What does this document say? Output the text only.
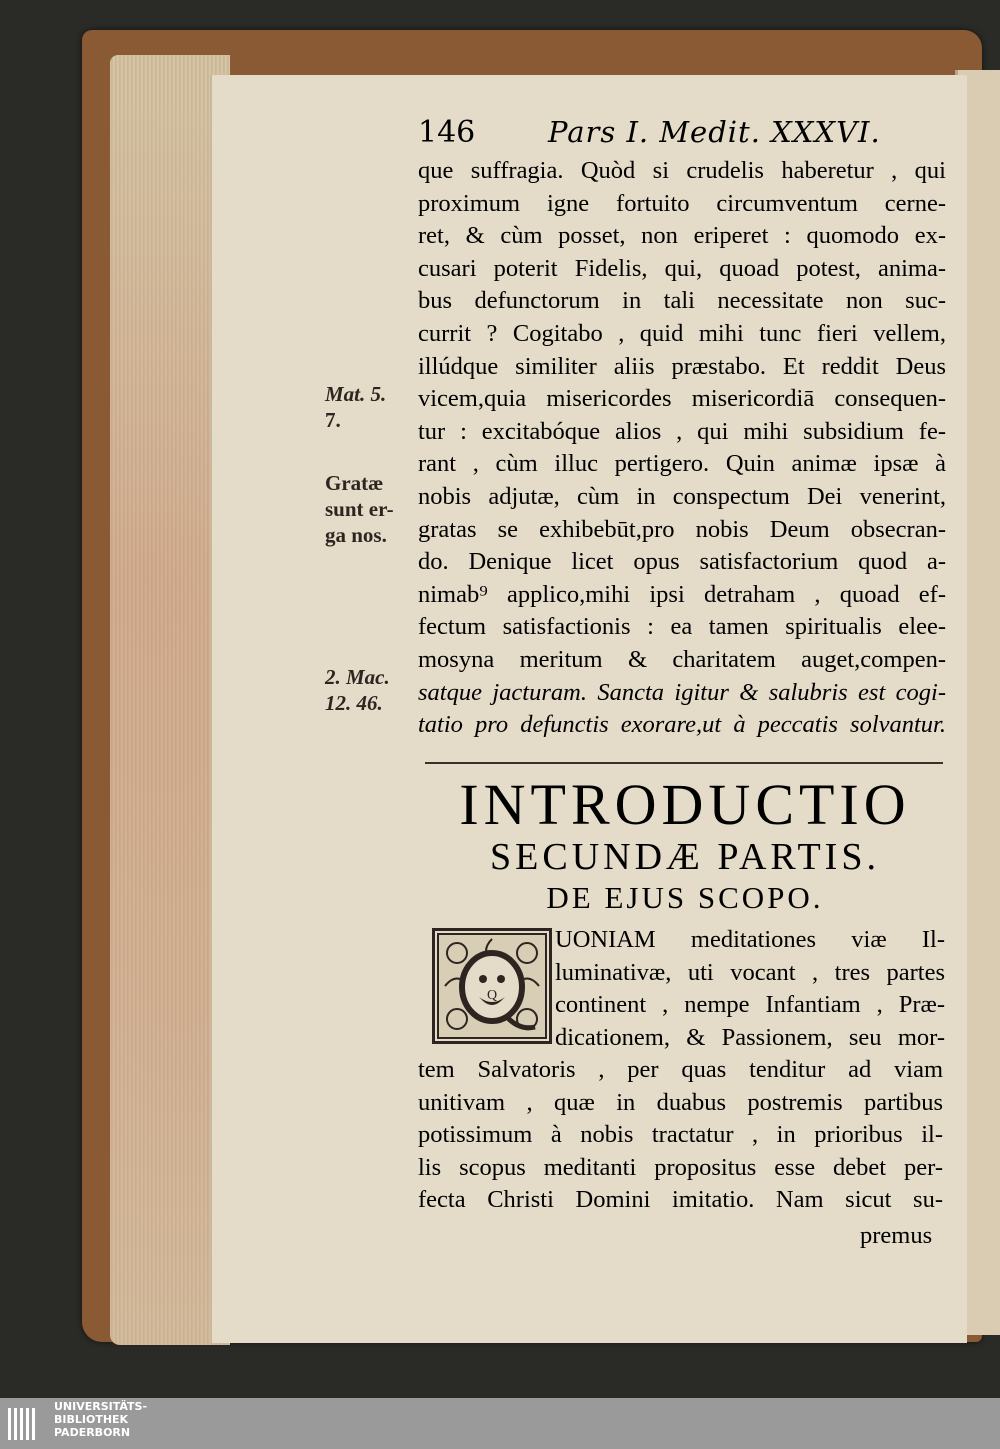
146	Pars I. Medit. XXXVI.
que suffragia. Quòd si crudelis haberetur , qui
proximum igne fortuito circumventum cerne-
ret, & cùm posset, non eriperet : quomodo ex-
cusari poterit Fidelis, qui, quoad potest, anima-
bus defunctorum in tali necessitate non suc-
currit ? Cogitabo , quid mihi tunc fieri vellem,
illúdque similiter aliis præstabo. Et reddit Deus
vicem,quia misericordes misericordiā consequen-
tur : excitabóque alios , qui mihi subsidium fe-
rant , cùm illuc pertigero. Quin animæ ipsæ à
nobis adjutæ, cùm in conspectum Dei venerint,
gratas se exhibebūt,pro nobis Deum obsecran-
do. Denique licet opus satisfactorium quod a-
nimab⁹ applico,mihi ipsi detraham , quoad ef-
fectum satisfactionis : ea tamen spiritualis elee-
mosyna meritum & charitatem auget,compen-
satque jacturam. Sancta igitur & salubris est cogi-
tatio pro defunctis exorare,ut à peccatis solvantur.
Mat. 5.
7.
Gratæ
sunt er-
ga nos.
2. Mac.
12. 46.
INTRODUCTIO
SECUNDÆ PARTIS.
DE EJUS SCOPO.
Q
UONIAM meditationes viæ Il-
luminativæ, uti vocant , tres partes
continent , nempe Infantiam , Præ-
dicationem, & Passionem, seu mor-
tem Salvatoris , per quas tenditur ad viam
unitivam , quæ in duabus postremis partibus
potissimum à nobis tractatur , in prioribus il-
lis scopus meditanti propositus esse debet per-
fecta Christi Domini imitatio. Nam sicut su-
premus
UNIVERSITÄTS-
BIBLIOTHEK
PADERBORN
